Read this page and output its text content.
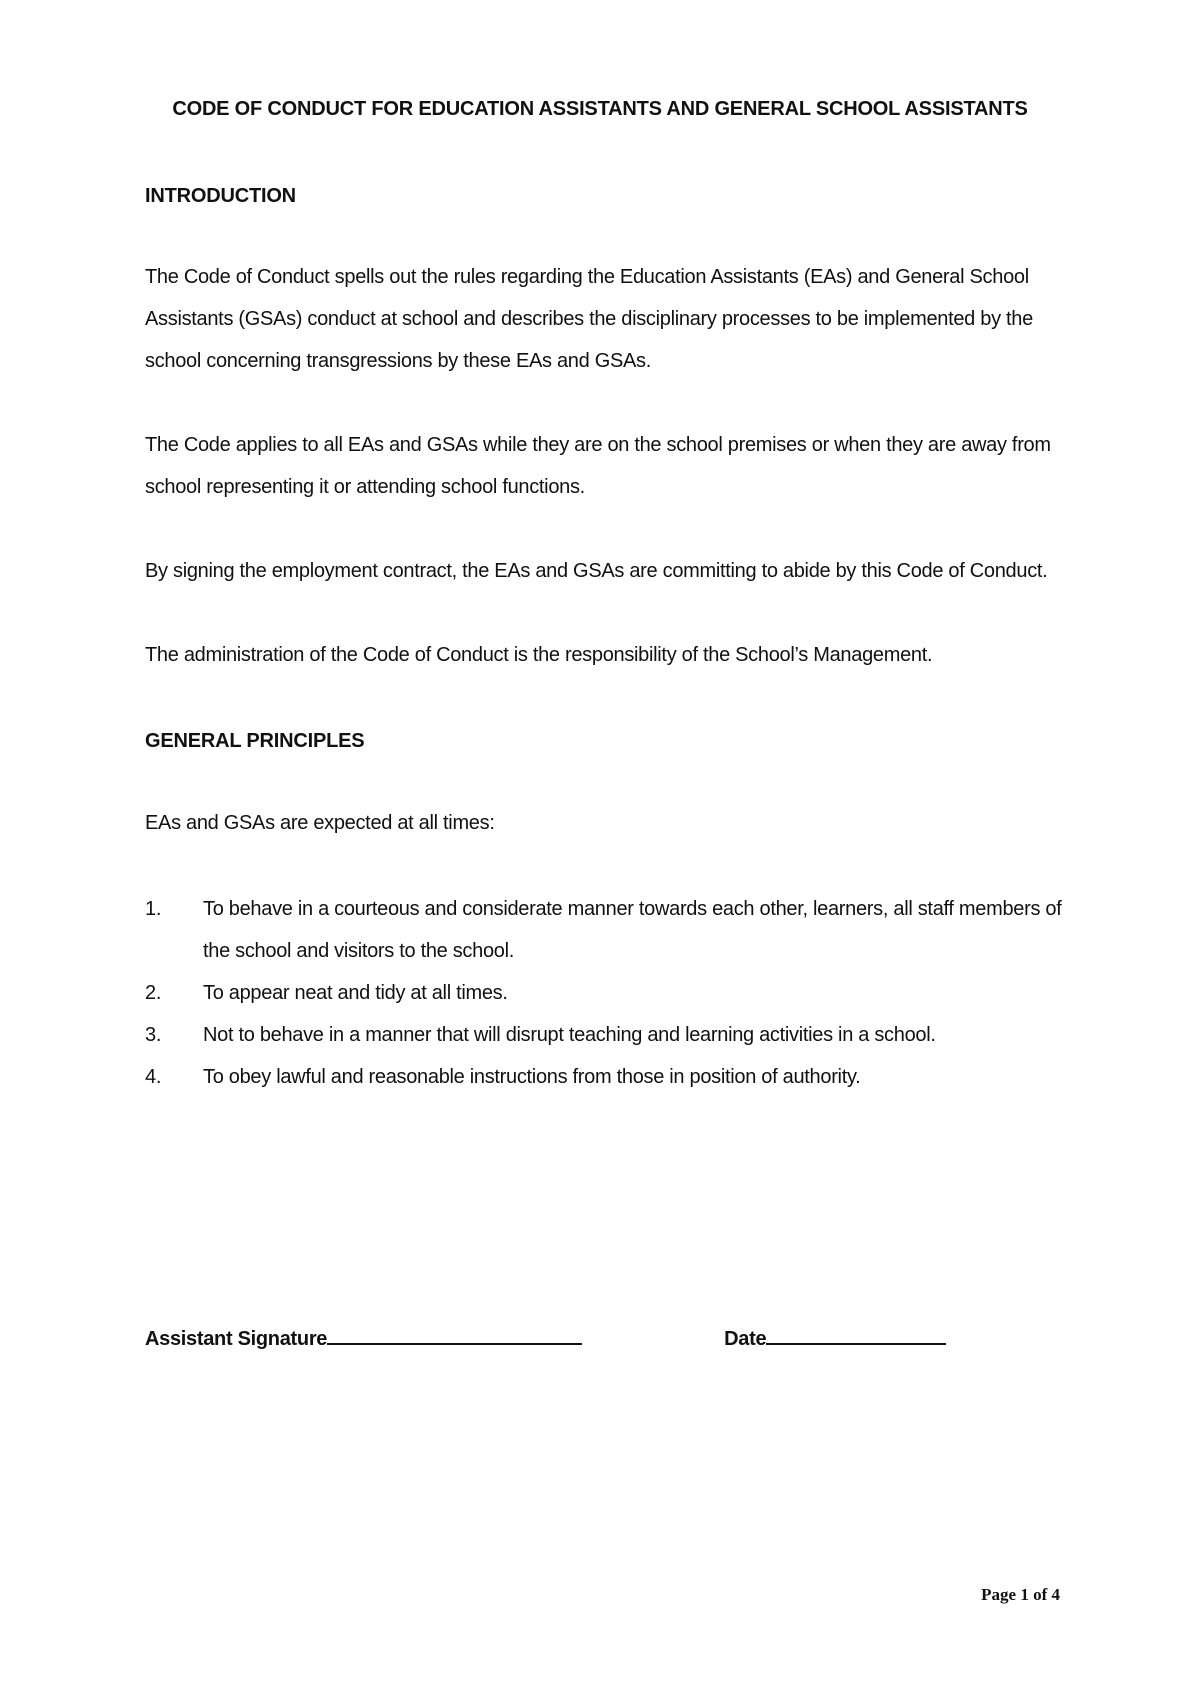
CODE OF CONDUCT FOR EDUCATION ASSISTANTS AND GENERAL SCHOOL ASSISTANTS
INTRODUCTION

The Code of Conduct spells out the rules regarding the Education Assistants (EAs) and General School Assistants (GSAs) conduct at school and describes the disciplinary processes to be implemented by the school concerning transgressions by these EAs and GSAs.

The Code applies to all EAs and GSAs while they are on the school premises or when they are away from school representing it or attending school functions.

By signing the employment contract, the EAs and GSAs are committing to abide by this Code of Conduct.

The administration of the Code of Conduct is the responsibility of the School’s Management.

GENERAL PRINCIPLES

EAs and GSAs are expected at all times:

1. To behave in a courteous and considerate manner towards each other, learners, all staff members of the school and visitors to the school.
2. To appear neat and tidy at all times.
3. Not to behave in a manner that will disrupt teaching and learning activities in a school.
4. To obey lawful and reasonable instructions from those in position of authority.
Assistant Signature	Date
Page 1 of 4
